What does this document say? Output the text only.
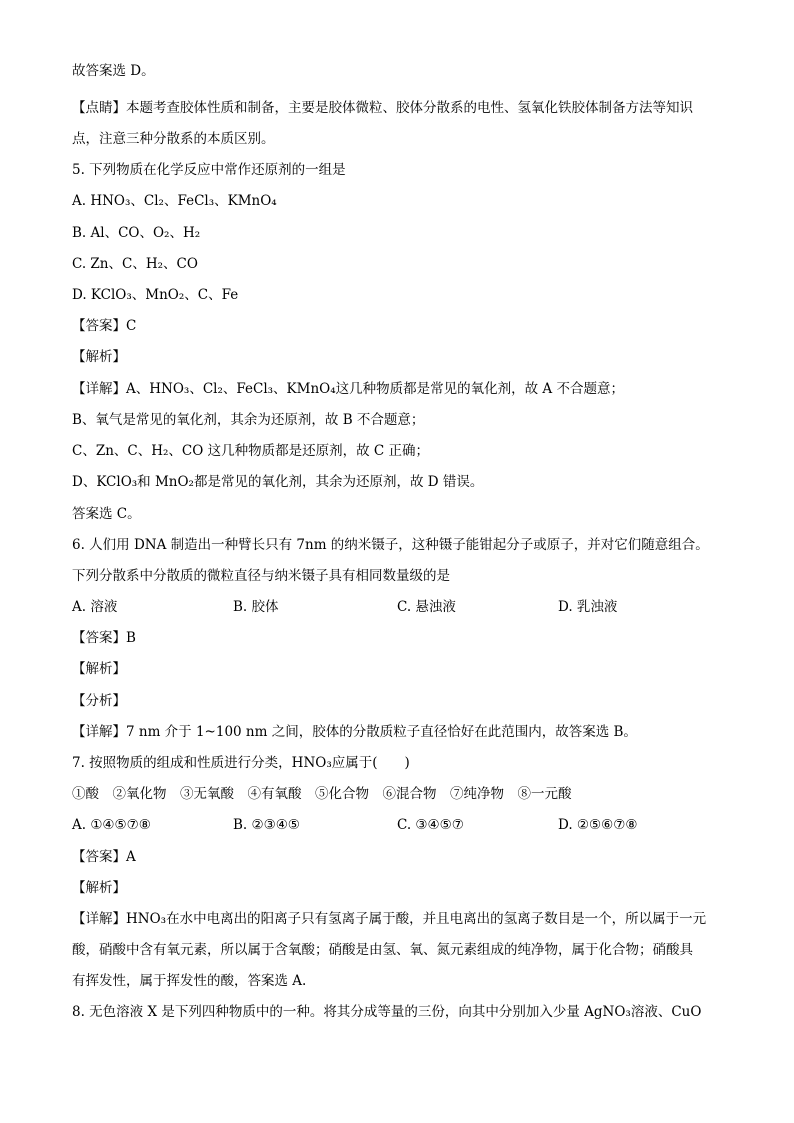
故答案选 D。
【点睛】本题考查胶体性质和制备，主要是胶体微粒、胶体分散系的电性、氢氧化铁胶体制备方法等知识
点，注意三种分散系的本质区别。
5. 下列物质在化学反应中常作还原剂的一组是
A. HNO₃、Cl₂、FeCl₃、KMnO₄
B. Al、CO、O₂、H₂
C. Zn、C、H₂、CO
D. KClO₃、MnO₂、C、Fe
【答案】C
【解析】
【详解】A、HNO₃、Cl₂、FeCl₃、KMnO₄这几种物质都是常见的氧化剂，故 A 不合题意；
B、氧气是常见的氧化剂，其余为还原剂，故 B 不合题意；
C、Zn、C、H₂、CO 这几种物质都是还原剂，故 C 正确；
D、KClO₃和 MnO₂都是常见的氧化剂，其余为还原剂，故 D 错误。
答案选 C。
6. 人们用 DNA 制造出一种臂长只有 7nm 的纳米镊子，这种镊子能钳起分子或原子，并对它们随意组合。
下列分散系中分散质的微粒直径与纳米镊子具有相同数量级的是
A. 溶液	B. 胶体	C. 悬浊液	D. 乳浊液
【答案】B
【解析】
【分析】
【详解】7 nm 介于 1~100 nm 之间，胶体的分散质粒子直径恰好在此范围内，故答案选 B。
7. 按照物质的组成和性质进行分类，HNO₃应属于(　　)
①酸　②氧化物　③无氧酸　④有氧酸　⑤化合物　⑥混合物　⑦纯净物　⑧一元酸
A. ①④⑤⑦⑧	B. ②③④⑤	C. ③④⑤⑦	D. ②⑤⑥⑦⑧
【答案】A
【解析】
【详解】HNO₃在水中电离出的阳离子只有氢离子属于酸，并且电离出的氢离子数目是一个，所以属于一元
酸，硝酸中含有氧元素，所以属于含氧酸；硝酸是由氢、氧、氮元素组成的纯净物，属于化合物；硝酸具
有挥发性，属于挥发性的酸，答案选 A.
8. 无色溶液 X 是下列四种物质中的一种。将其分成等量的三份，向其中分别加入少量 AgNO₃溶液、CuO
